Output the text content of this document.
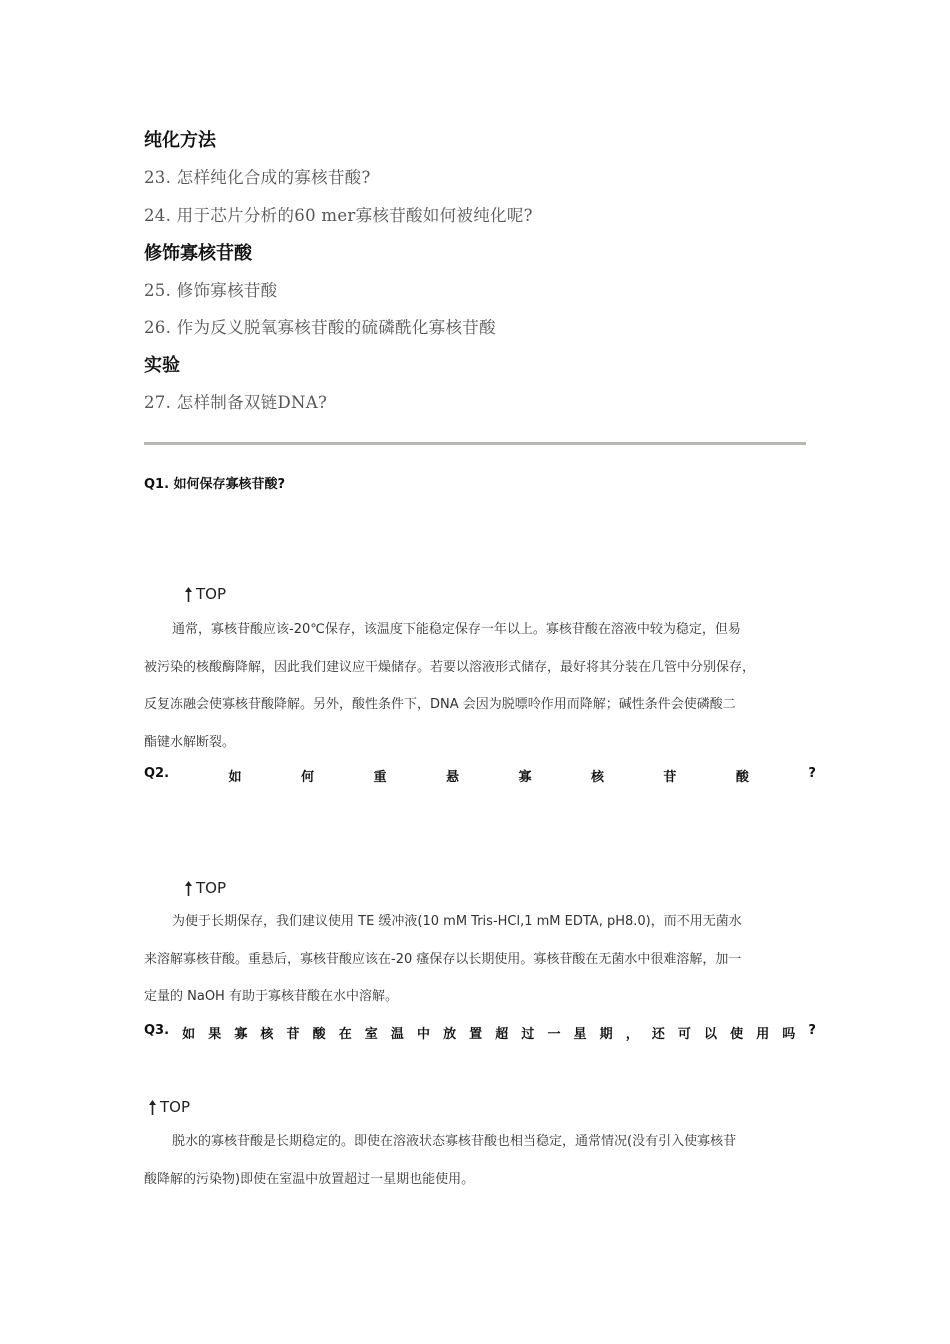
纯化方法
23. 怎样纯化合成的寡核苷酸?
24. 用于芯片分析的60 mer寡核苷酸如何被纯化呢?
修饰寡核苷酸
25. 修饰寡核苷酸
26. 作为反义脱氧寡核苷酸的硫磷酰化寡核苷酸
实验
27. 怎样制备双链DNA?
Q1. 如何保存寡核苷酸?
TOP

通常，寡核苷酸应该-20℃保存，该温度下能稳定保存一年以上。寡核苷酸在溶液中较为稳定，但易

被污染的核酸酶降解，因此我们建议应干燥储存。若要以溶液形式储存，最好将其分装在几管中分别保存，

反复冻融会使寡核苷酸降解。另外，酸性条件下，DNA 会因为脱嘌呤作用而降解；碱性条件会使磷酸二

酯键水解断裂。

Q2.	如	何	重	悬	寡	核	苷	酸	?
TOP

为便于长期保存，我们建议使用 TE 缓冲液(10 mM Tris-HCl,1 mM EDTA, pH8.0)，而不用无菌水

来溶解寡核苷酸。重悬后，寡核苷酸应该在-20 瘙保存以长期使用。寡核苷酸在无菌水中很难溶解，加一

定量的 NaOH 有助于寡核苷酸在水中溶解。

Q3. 如 果 寡 核 苷 酸 在 室 温 中 放 置 超 过 一 星 期 ， 还 可 以 使 用 吗 ?
TOP

脱水的寡核苷酸是长期稳定的。即使在溶液状态寡核苷酸也相当稳定，通常情况(没有引入使寡核苷

酸降解的污染物)即使在室温中放置超过一星期也能使用。
